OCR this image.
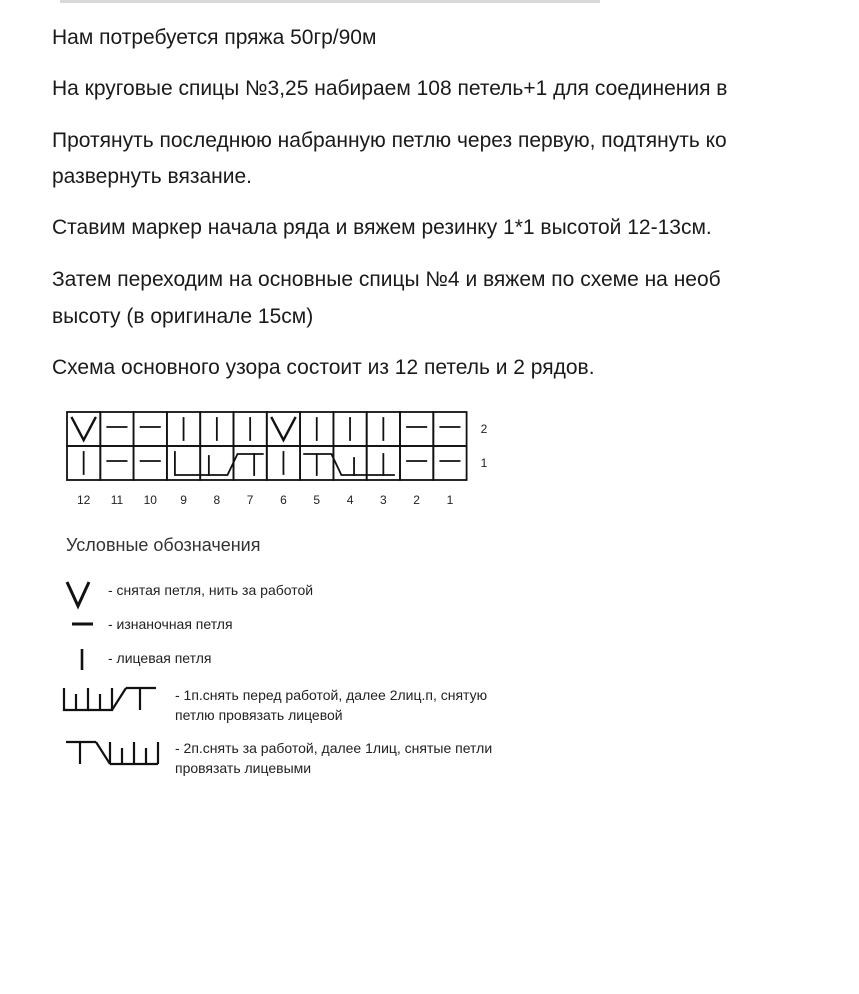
Нам потребуется пряжа 50гр/90м
На круговые спицы №3,25 набираем 108 петель+1 для соединения в
Протянуть последнюю набранную петлю через первую, подтянуть ко
развернуть вязание.
Ставим маркер начала ряда и вяжем резинку 1*1 высотой 12-13см.
Затем переходим на основные спицы №4 и вяжем по схеме на необ
высоту (в оригинале 15см)
Схема основного узора состоит из 12 петель и 2 рядов.
2
1
12 11 10 9 8 7 6 5 4 3 2 1
Условные обозначения
- снятая петля, нить за работой
- изнаночная петля
- лицевая петля
- 1п.снять перед работой, далее 2лиц.п, снятую
петлю провязать лицевой
- 2п.снять за работой, далее 1лиц, снятые петли
провязать лицевыми
